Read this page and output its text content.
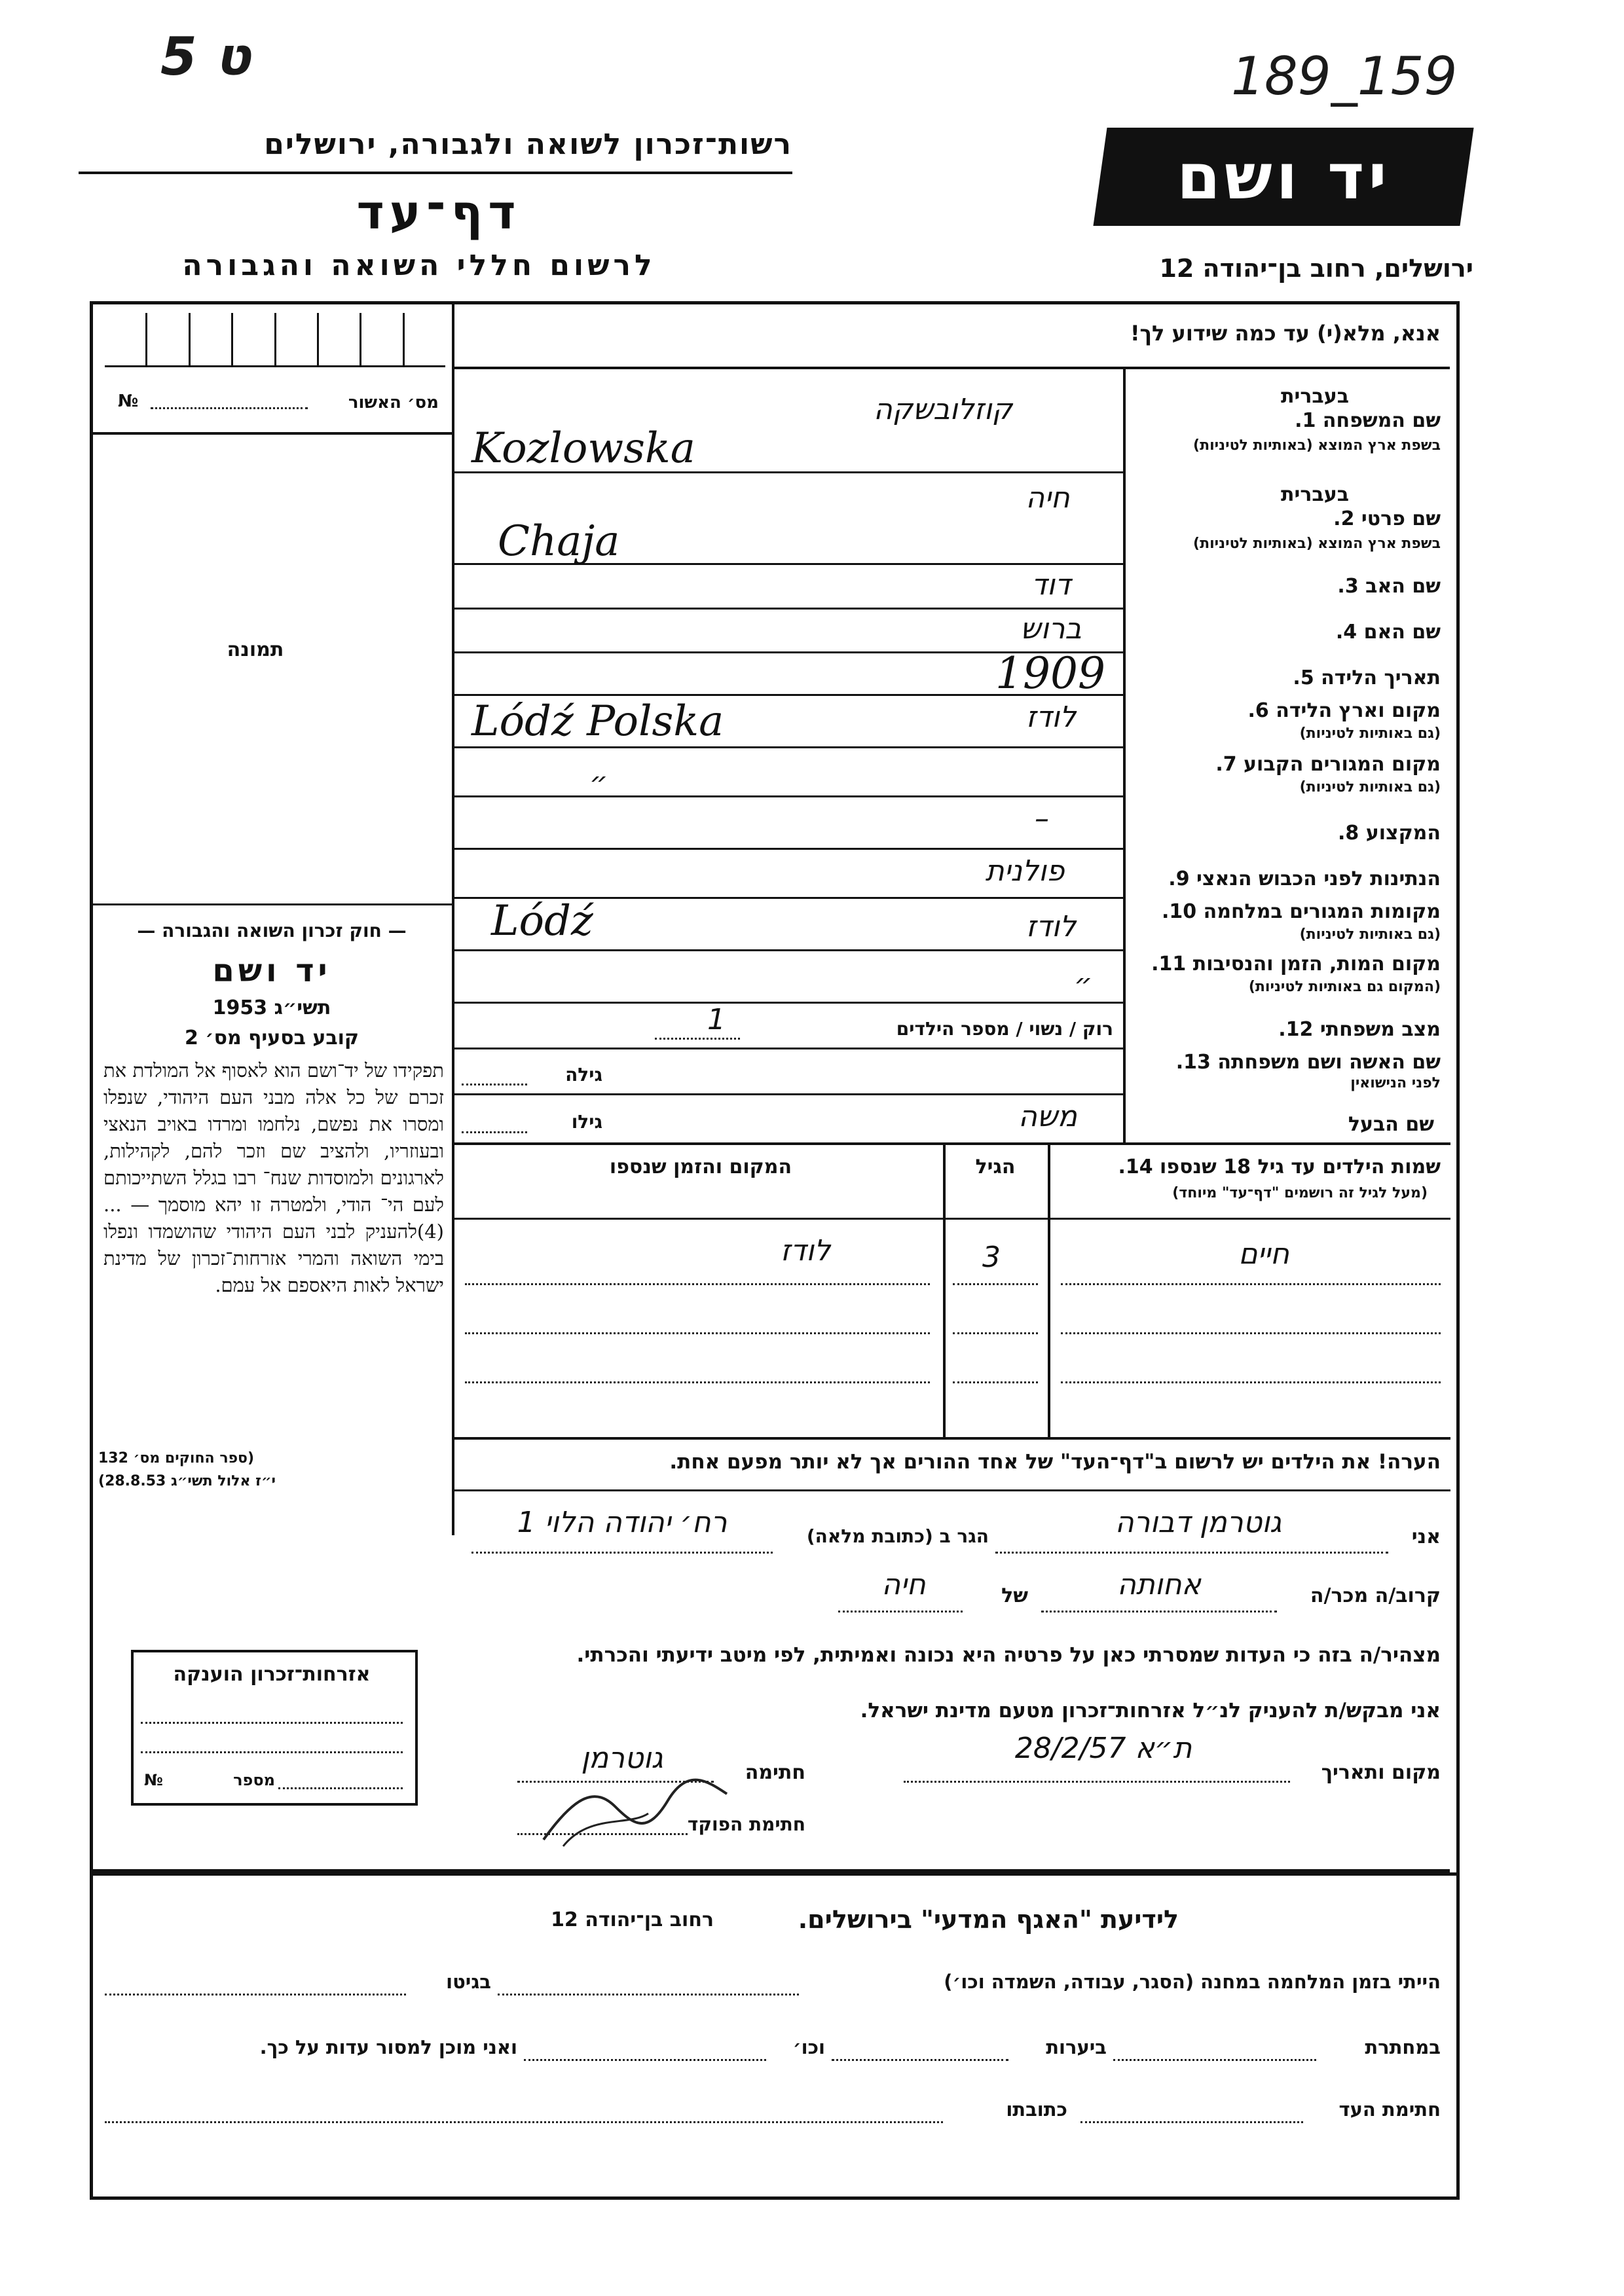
ט 5	189_159
רשות־זכרון לשואה ולגבורה, ירושלים
דף־עד
לרשום חללי השואה והגבורה
יד ושם
ירושלים, רחוב בן־יהודה 12
אנא, מלא(י) עד כמה שידוע לך!
מס׳ האשור
№
תמונה
בעברית
שם המשפחה 1.
בשפת ארץ המוצא (באותיות לטיניות)
קוזלובשקה
Kozlowska
בעברית
שם פרטי 2.
בשפת ארץ המוצא (באותיות לטיניות)
חיה
Chaja
שם האב 3.
דוד
שם האם 4.
ברוש
תאריך הלידה 5.
1909
מקום וארץ הלידה 6.
(גם באותיות לטיניות)
לודז
Lódź Polska
מקום המגורים הקבוע 7.
(גם באותיות לטיניות)
״
המקצוע 8.
–
הנתינות לפני הכבוש הנאצי 9.
פולנית
מקומות המגורים במלחמה 10.
(גם באותיות לטיניות)
לודז
Lódź
מקום המות, הזמן והנסיבות 11.
(המקום גם באותיות לטיניות)
״
מצב משפחתי 12.
רוק / נשוי / מספר הילדים
1
שם האשה ושם משפחתה 13.
לפני הנישואין
גילה
שם הבעל
גילו	משה
שמות הילדים עד גיל 18 שנספו 14.
(מעל לגיל זה רושמים "דף־עד" מיוחד)
הגיל
המקום והזמן שנספו
חיים
3
לודז
הערה! את הילדים יש לרשום ב"דף־העד" של אחד ההורים אך לא יותר מפעם אחת.
— חוק זכרון השואה והגבורה —
יד ושם
תשי״ג 1953
קובע בסעיף מס׳ 2
תפקידו של יד־ושם הוא לאסוף אל המולדת את זכרם של כל אלה מבני העם היהודי, שנפלו ומסרו את נפשם, נלחמו ומרדו באויב הנאצי ובעוזריו, ולהציב שם וזכר להם, לקהילות, לארגונים ולמוסדות שנח־ רבו בגלל השתייכותם לעם הי־ הודי, ולמטרה זו יהא מוסמך — ...(4)להעניק לבני העם היהודי שהושמדו ונפלו בימי השואה והמרי אזרחות־זכרון של מדינת ישראל לאות היאספם אל עמם.
(ספר החוקים מס׳ 132
י״ז אלול תשי״ג 28.8.53)
אני
גוטרמן דבורה
הגר ב (כתובת מלאה)
רח׳ יהודה הלוי 1
קרוב/ה מכר/ה
אחותה
של
חיה
מצהיר/ה בזה כי העדות שמסרתי כאן על פרטיה היא נכונה ואמיתית, לפי מיטב ידיעתי והכרתי.
אני מבקש/ת להעניק לנ״ל אזרחות־זכרון מטעם מדינת ישראל.
מקום ותאריך
ת״א 28/2/57
חתימה
גוטרמן
חתימת הפוקד
אזרחות־זכרון הוענקה
מספר
№
לידיעת "האגף המדעי" בירושלים.
רחוב בן־יהודה 12
הייתי בזמן המלחמה במחנה (הסגר, עבודה, השמדה וכו׳)
בגיטו
במחתרת
ביערות
וכו׳
ואני מוכן למסור עדות על כך.
חתימת העד
כתובתו
